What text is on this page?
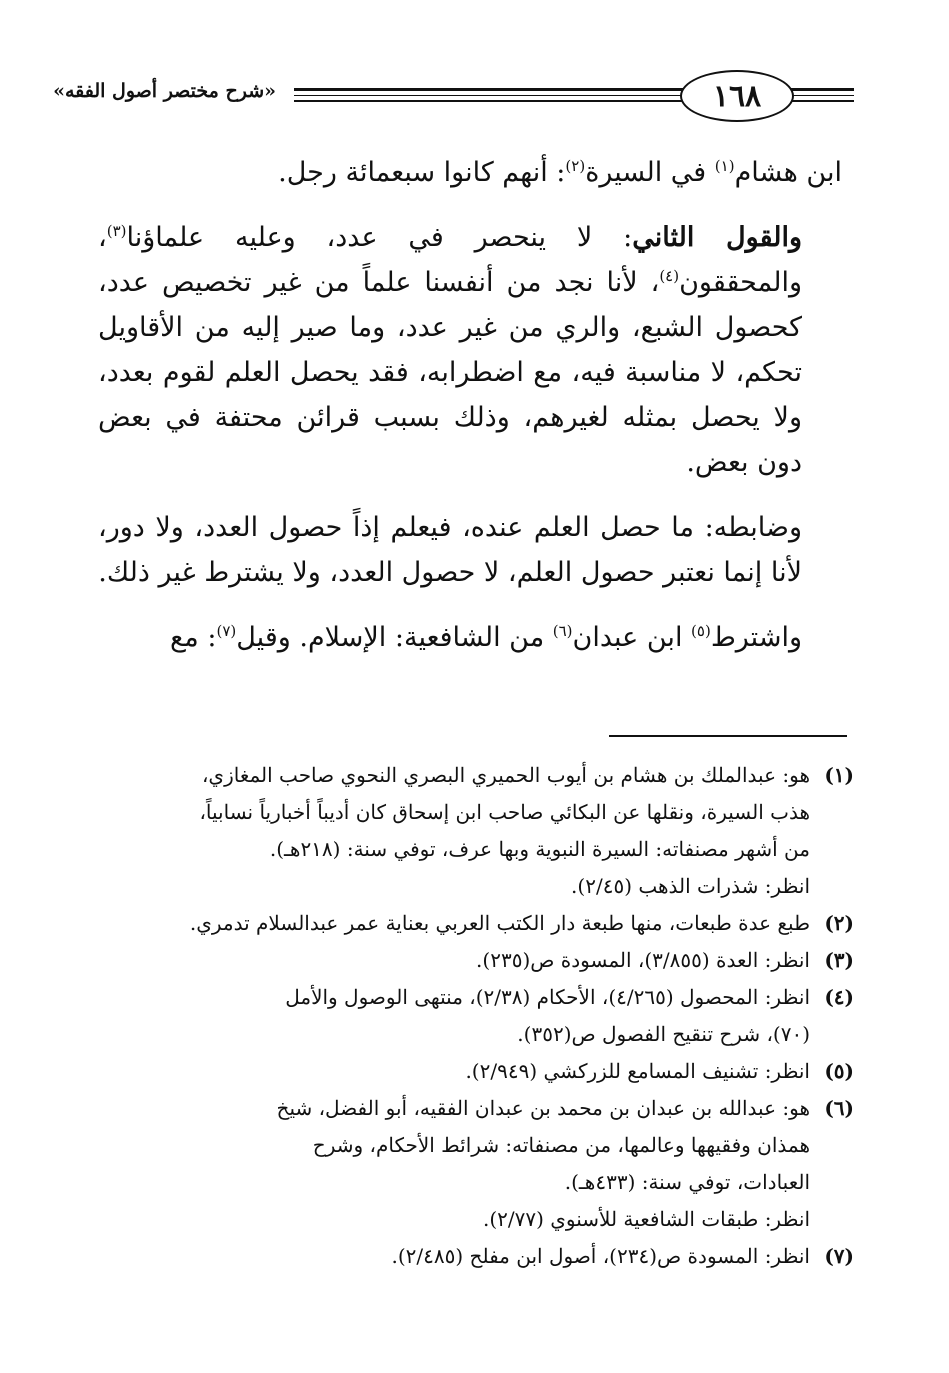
١٦٨
«شرح مختصر أصول الفقه»

ابن هشام$^{(١)}$ في السيرة$^{(٢)}$: أنهم كانوا سبعمائة رجل.

والقول الثاني: لا ينحصر في عدد، وعليه علماؤنا$^{(٣)}$، والمحققون$^{(٤)}$، لأنا نجد من أنفسنا علماً من غير تخصيص عدد، كحصول الشبع، والري من غير عدد، وما صير إليه من الأقاويل تحكم، لا مناسبة فيه، مع اضطرابه، فقد يحصل العلم لقوم بعدد، ولا يحصل بمثله لغيرهم، وذلك بسبب قرائن محتفة في بعض دون بعض.

وضابطه: ما حصل العلم عنده، فيعلم إذاً حصول العدد، ولا دور، لأنا إنما نعتبر حصول العلم، لا حصول العدد، ولا يشترط غير ذلك.

واشترط$^{(٥)}$ ابن عبدان$^{(٦)}$ من الشافعية: الإسلام. وقيل$^{(٧)}$: مع

(١)
هو: عبدالملك بن هشام بن أيوب الحميري البصري النحوي صاحب المغازي،
هذب السيرة، ونقلها عن البكائي صاحب ابن إسحاق كان أديباً أخبارياً نسابياً،
من أشهر مصنفاته: السيرة النبوية وبها عرف، توفي سنة: (٢١٨هـ).
انظر: شذرات الذهب (٢/٤٥).
(٢)
طبع عدة طبعات، منها طبعة دار الكتب العربي بعناية عمر عبدالسلام تدمري.
(٣)
انظر: العدة (٣/٨٥٥)، المسودة ص(٢٣٥).
(٤)
انظر: المحصول (٤/٢٦٥)، الأحكام (٢/٣٨)، منتهى الوصول والأمل
(٧٠)، شرح تنقيح الفصول ص(٣٥٢).
(٥)
انظر: تشنيف المسامع للزركشي (٢/٩٤٩).
(٦)
هو: عبدالله بن عبدان بن محمد بن عبدان الفقيه، أبو الفضل، شيخ
همذان وفقيهها وعالمها، من مصنفاته: شرائط الأحكام، وشرح
العبادات، توفي سنة: (٤٣٣هـ).
انظر: طبقات الشافعية للأسنوي (٢/٧٧).
(٧)
انظر: المسودة ص(٢٣٤)، أصول ابن مفلح (٢/٤٨٥).
